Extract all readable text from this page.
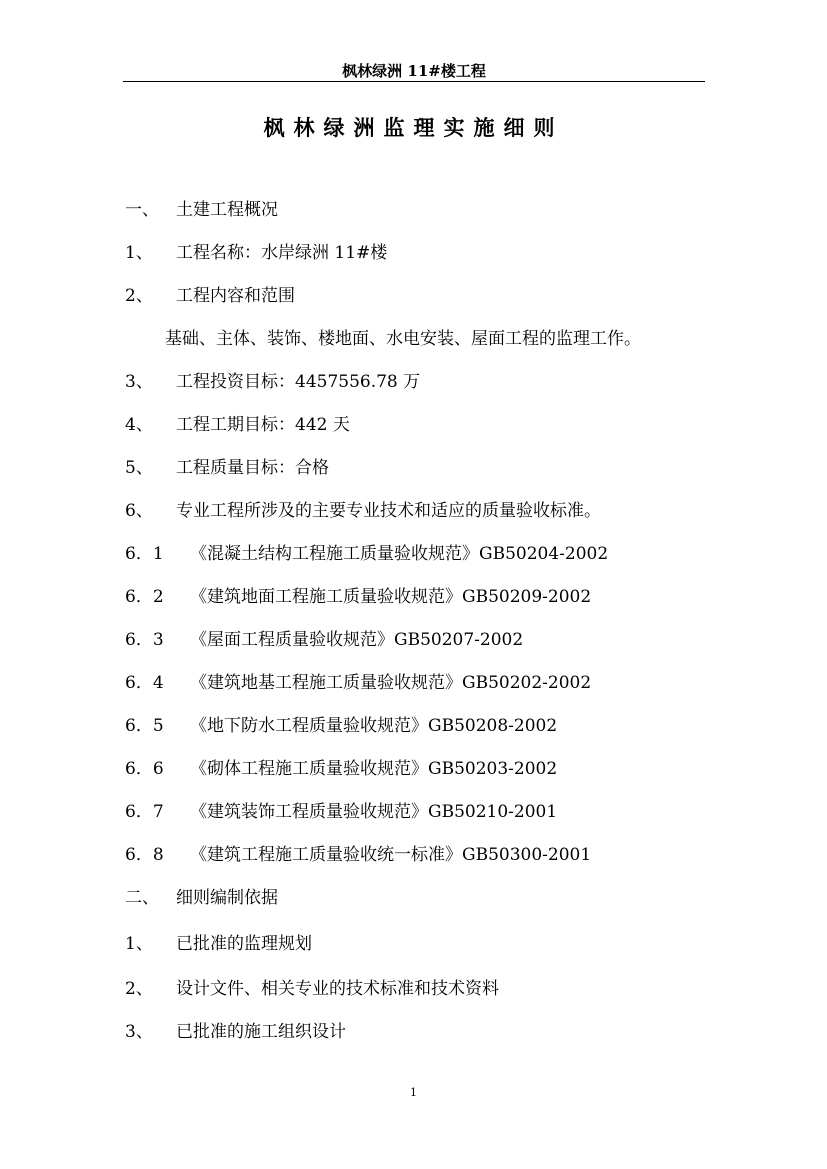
枫林绿洲 11#楼工程
枫林绿洲监理实施细则
一、 土建工程概况
1、 工程名称：水岸绿洲 11#楼
2、 工程内容和范围
基础、主体、装饰、楼地面、水电安装、屋面工程的监理工作。
3、 工程投资目标：4457556.78 万
4、 工程工期目标：442 天
5、 工程质量目标：合格
6、 专业工程所涉及的主要专业技术和适应的质量验收标准。
6．1 《混凝土结构工程施工质量验收规范》GB50204-2002
6．2 《建筑地面工程施工质量验收规范》GB50209-2002
6．3 《屋面工程质量验收规范》GB50207-2002
6．4 《建筑地基工程施工质量验收规范》GB50202-2002
6．5 《地下防水工程质量验收规范》GB50208-2002
6．6 《砌体工程施工质量验收规范》GB50203-2002
6．7 《建筑装饰工程质量验收规范》GB50210-2001
6．8 《建筑工程施工质量验收统一标准》GB50300-2001
二、 细则编制依据
1、 已批准的监理规划
2、 设计文件、相关专业的技术标准和技术资料
3、 已批准的施工组织设计
1
